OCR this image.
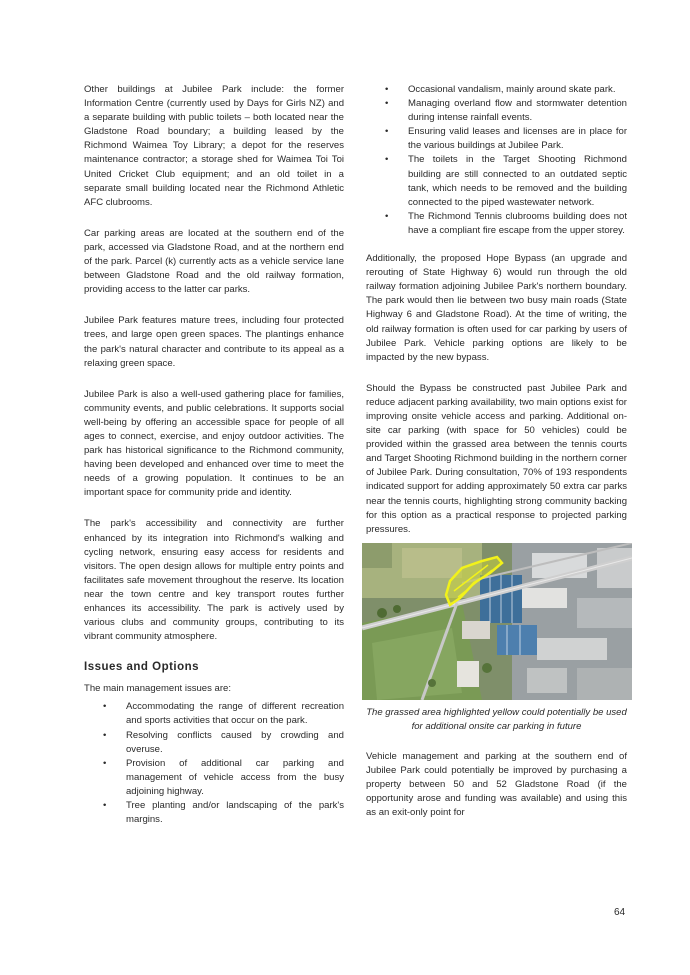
Other buildings at Jubilee Park include: the former Information Centre (currently used by Days for Girls NZ) and a separate building with public toilets – both located near the Gladstone Road boundary; a building leased by the Richmond Waimea Toy Library; a depot for the reserves maintenance contractor; a storage shed for Waimea Toi Toi United Cricket Club equipment; and an old toilet in a separate small building located near the Richmond Athletic AFC clubrooms.

Car parking areas are located at the southern end of the park, accessed via Gladstone Road, and at the northern end of the park. Parcel (k) currently acts as a vehicle service lane between Gladstone Road and the old railway formation, providing access to the latter car parks.

Jubilee Park features mature trees, including four protected trees, and large open green spaces. The plantings enhance the park's natural character and contribute to its appeal as a relaxing green space.

Jubilee Park is also a well-used gathering place for families, community events, and public celebrations. It supports social well-being by offering an accessible space for people of all ages to connect, exercise, and enjoy outdoor activities. The park has historical significance to the Richmond community, having been developed and enhanced over time to meet the needs of a growing population. It continues to be an important space for community pride and identity.

The park's accessibility and connectivity are further enhanced by its integration into Richmond's walking and cycling network, ensuring easy access for residents and visitors. The open design allows for multiple entry points and facilitates safe movement throughout the reserve. Its location near the town centre and key transport routes further enhances its accessibility. The park is actively used by various clubs and community groups, contributing to its vibrant community atmosphere.

Issues and Options

The main management issues are:

• Accommodating the range of different recreation and sports activities that occur on the park.
• Resolving conflicts caused by crowding and overuse.
• Provision of additional car parking and management of vehicle access from the busy adjoining highway.
• Tree planting and/or landscaping of the park's margins.
• Occasional vandalism, mainly around skate park.
• Managing overland flow and stormwater detention during intense rainfall events.
• Ensuring valid leases and licenses are in place for the various buildings at Jubilee Park.
• The toilets in the Target Shooting Richmond building are still connected to an outdated septic tank, which needs to be removed and the building connected to the piped wastewater network.
• The Richmond Tennis clubrooms building does not have a compliant fire escape from the upper storey.

Additionally, the proposed Hope Bypass (an upgrade and rerouting of State Highway 6) would run through the old railway formation adjoining Jubilee Park's northern boundary. The park would then lie between two busy main roads (State Highway 6 and Gladstone Road). At the time of writing, the old railway formation is often used for car parking by users of Jubilee Park. Vehicle parking options are likely to be impacted by the new bypass.

Should the Bypass be constructed past Jubilee Park and reduce adjacent parking availability, two main options exist for improving onsite vehicle access and parking. Additional on-site car parking (with space for 50 vehicles) could be provided within the grassed area between the tennis courts and Target Shooting Richmond building in the northern corner of Jubilee Park. During consultation, 70% of 193 respondents indicated support for adding approximately 50 extra car parks near the tennis courts, highlighting strong community backing for this option as a practical response to projected parking pressures.

The grassed area highlighted yellow could potentially be used for additional onsite car parking in future

Vehicle management and parking at the southern end of Jubilee Park could potentially be improved by purchasing a property between 50 and 52 Gladstone Road (if the opportunity arose and funding was available) and using this as an exit-only point for

64
